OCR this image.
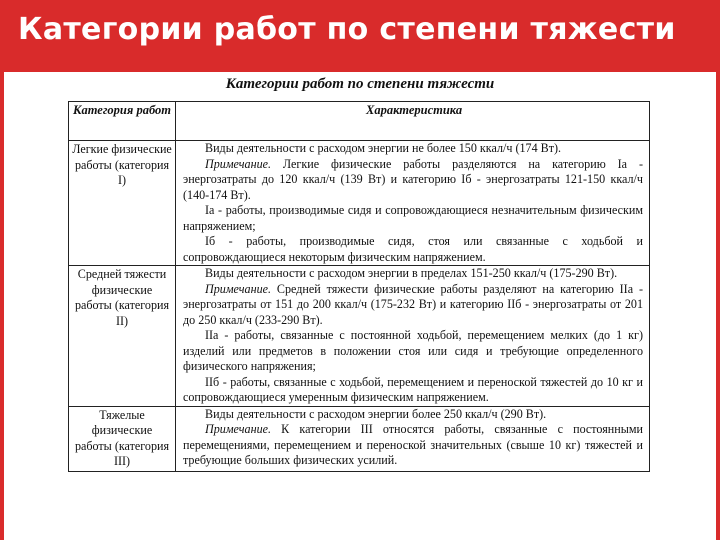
Категории работ по степени тяжести
Категории работ по степени тяжести
Категория работ	Характеристика
Легкие физические работы (категория I)	Виды деятельности с расходом энергии не более 150 ккал/ч (174 Вт).

Примечание. Легкие физические работы разделяются на категорию Iа - энергозатраты до 120 ккал/ч (139 Вт) и категорию Iб - энергозатраты 121-150 ккал/ч (140-174 Вт).

Iа - работы, производимые сидя и сопровождающиеся незначительным физическим напряжением;

Iб - работы, производимые сидя, стоя или связанные с ходьбой и сопровождающиеся некоторым физическим напряжением.

Средней тяжести физические работы (категория II)	Виды деятельности с расходом энергии в пределах 151-250 ккал/ч (175-290 Вт).

Примечание. Средней тяжести физические работы разделяют на категорию IIа - энергозатраты от 151 до 200 ккал/ч (175-232 Вт) и категорию IIб - энергозатраты от 201 до 250 ккал/ч (233-290 Вт).

IIа - работы, связанные с постоянной ходьбой, перемещением мелких (до 1 кг) изделий или предметов в положении стоя или сидя и требующие определенного физического напряжения;

IIб - работы, связанные с ходьбой, перемещением и переноской тяжестей до 10 кг и сопровождающиеся умеренным физическим напряжением.

Тяжелые физические работы (категория III)	Виды деятельности с расходом энергии более 250 ккал/ч (290 Вт).

Примечание. К категории III относятся работы, связанные с постоянными перемещениями, перемещением и переноской значительных (свыше 10 кг) тяжестей и требующие больших физических усилий.
